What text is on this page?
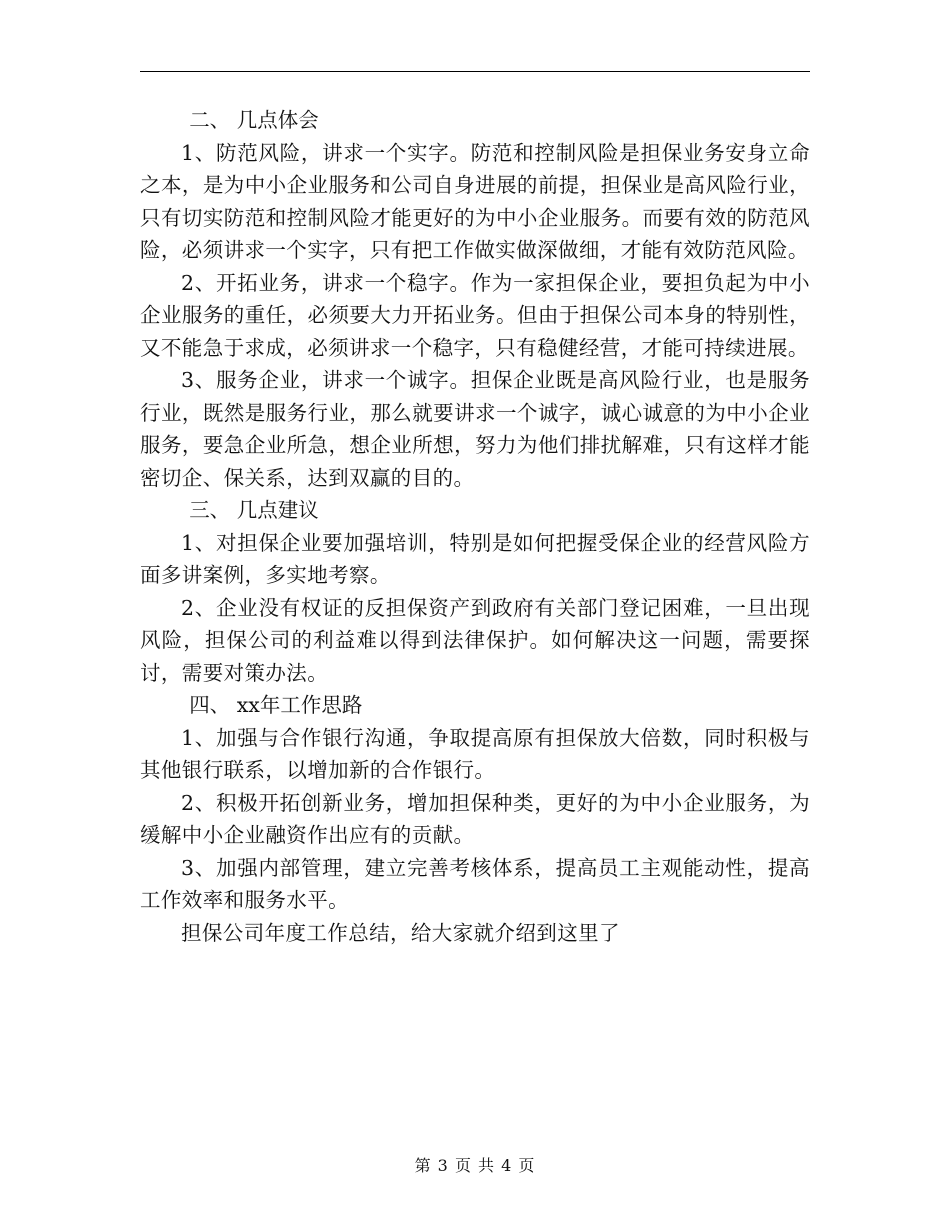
二、 几点体会

1、防范风险，讲求一个实字。防范和控制风险是担保业务安身立命之本，是为中小企业服务和公司自身进展的前提，担保业是高风险行业，只有切实防范和控制风险才能更好的为中小企业服务。而要有效的防范风险，必须讲求一个实字，只有把工作做实做深做细，才能有效防范风险。

2、开拓业务，讲求一个稳字。作为一家担保企业，要担负起为中小企业服务的重任，必须要大力开拓业务。但由于担保公司本身的特别性，又不能急于求成，必须讲求一个稳字，只有稳健经营，才能可持续进展。

3、服务企业，讲求一个诚字。担保企业既是高风险行业，也是服务行业，既然是服务行业，那么就要讲求一个诚字，诚心诚意的为中小企业服务，要急企业所急，想企业所想，努力为他们排扰解难，只有这样才能密切企、保关系，达到双赢的目的。

三、 几点建议

1、对担保企业要加强培训，特别是如何把握受保企业的经营风险方面多讲案例，多实地考察。

2、企业没有权证的反担保资产到政府有关部门登记困难，一旦出现风险，担保公司的利益难以得到法律保护。如何解决这一问题，需要探讨，需要对策办法。

四、 xx年工作思路

1、加强与合作银行沟通，争取提高原有担保放大倍数，同时积极与其他银行联系，以增加新的合作银行。

2、积极开拓创新业务，增加担保种类，更好的为中小企业服务，为缓解中小企业融资作出应有的贡献。

3、加强内部管理，建立完善考核体系，提高员工主观能动性，提高工作效率和服务水平。

担保公司年度工作总结，给大家就介绍到这里了

第 3 页 共 4 页
